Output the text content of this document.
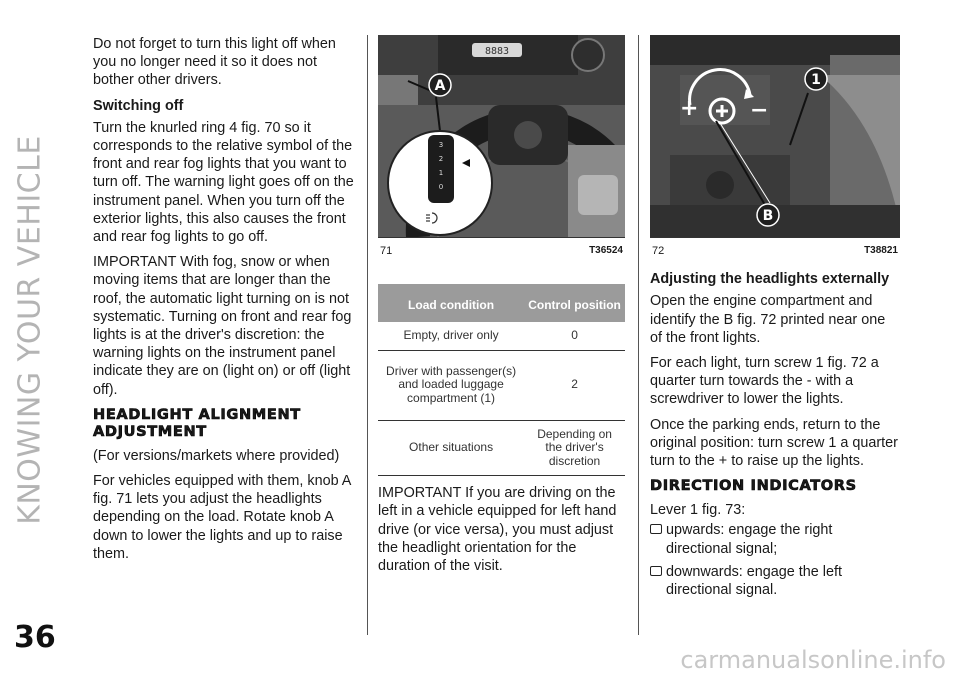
KNOWING YOUR VEHICLE
36
carmanualsonline.info

Do not forget to turn this light off when you no longer need it so it does not bother other drivers.

Switching off

Turn the knurled ring 4 fig. 70 so it corresponds to the relative symbol of the front and rear fog lights that you want to turn off. The warning light goes off on the instrument panel. When you turn off the exterior lights, this also causes the front and rear fog lights to go off.

IMPORTANT With fog, snow or when moving items that are longer than the roof, the automatic light turning on is not systematic. Turning on front and rear fog lights is at the driver's discretion: the warning lights on the instrument panel indicate they are on (light on) or off (light off).

HEADLIGHT ALIGNMENT ADJUSTMENT

(For versions/markets where provided)

For vehicles equipped with them, knob A fig. 71 lets you adjust the headlights depending on the load. Rotate knob A down to lower the lights and up to raise them.

8883
A
3
2
1
0
71	T36524
Load condition	Control position
Empty, driver only	0
Driver with passenger(s) and loaded luggage compartment (1)	2
Other situations	Depending on the driver's discretion

IMPORTANT If you are driving on the left in a vehicle equipped for left hand drive (or vice versa), you must adjust the headlight orientation for the duration of the visit.

+ −
1
B
72	T38821
Adjusting the headlights externally

Open the engine compartment and identify the B fig. 72 printed near one of the front lights.

For each light, turn screw 1 fig. 72 a quarter turn towards the - with a screwdriver to lower the lights.

Once the parking ends, return to the original position: turn screw 1 a quarter turn to the + to raise up the lights.

DIRECTION INDICATORS

Lever 1 fig. 73:

upwards: engage the right directional signal;
downwards: engage the left directional signal.
